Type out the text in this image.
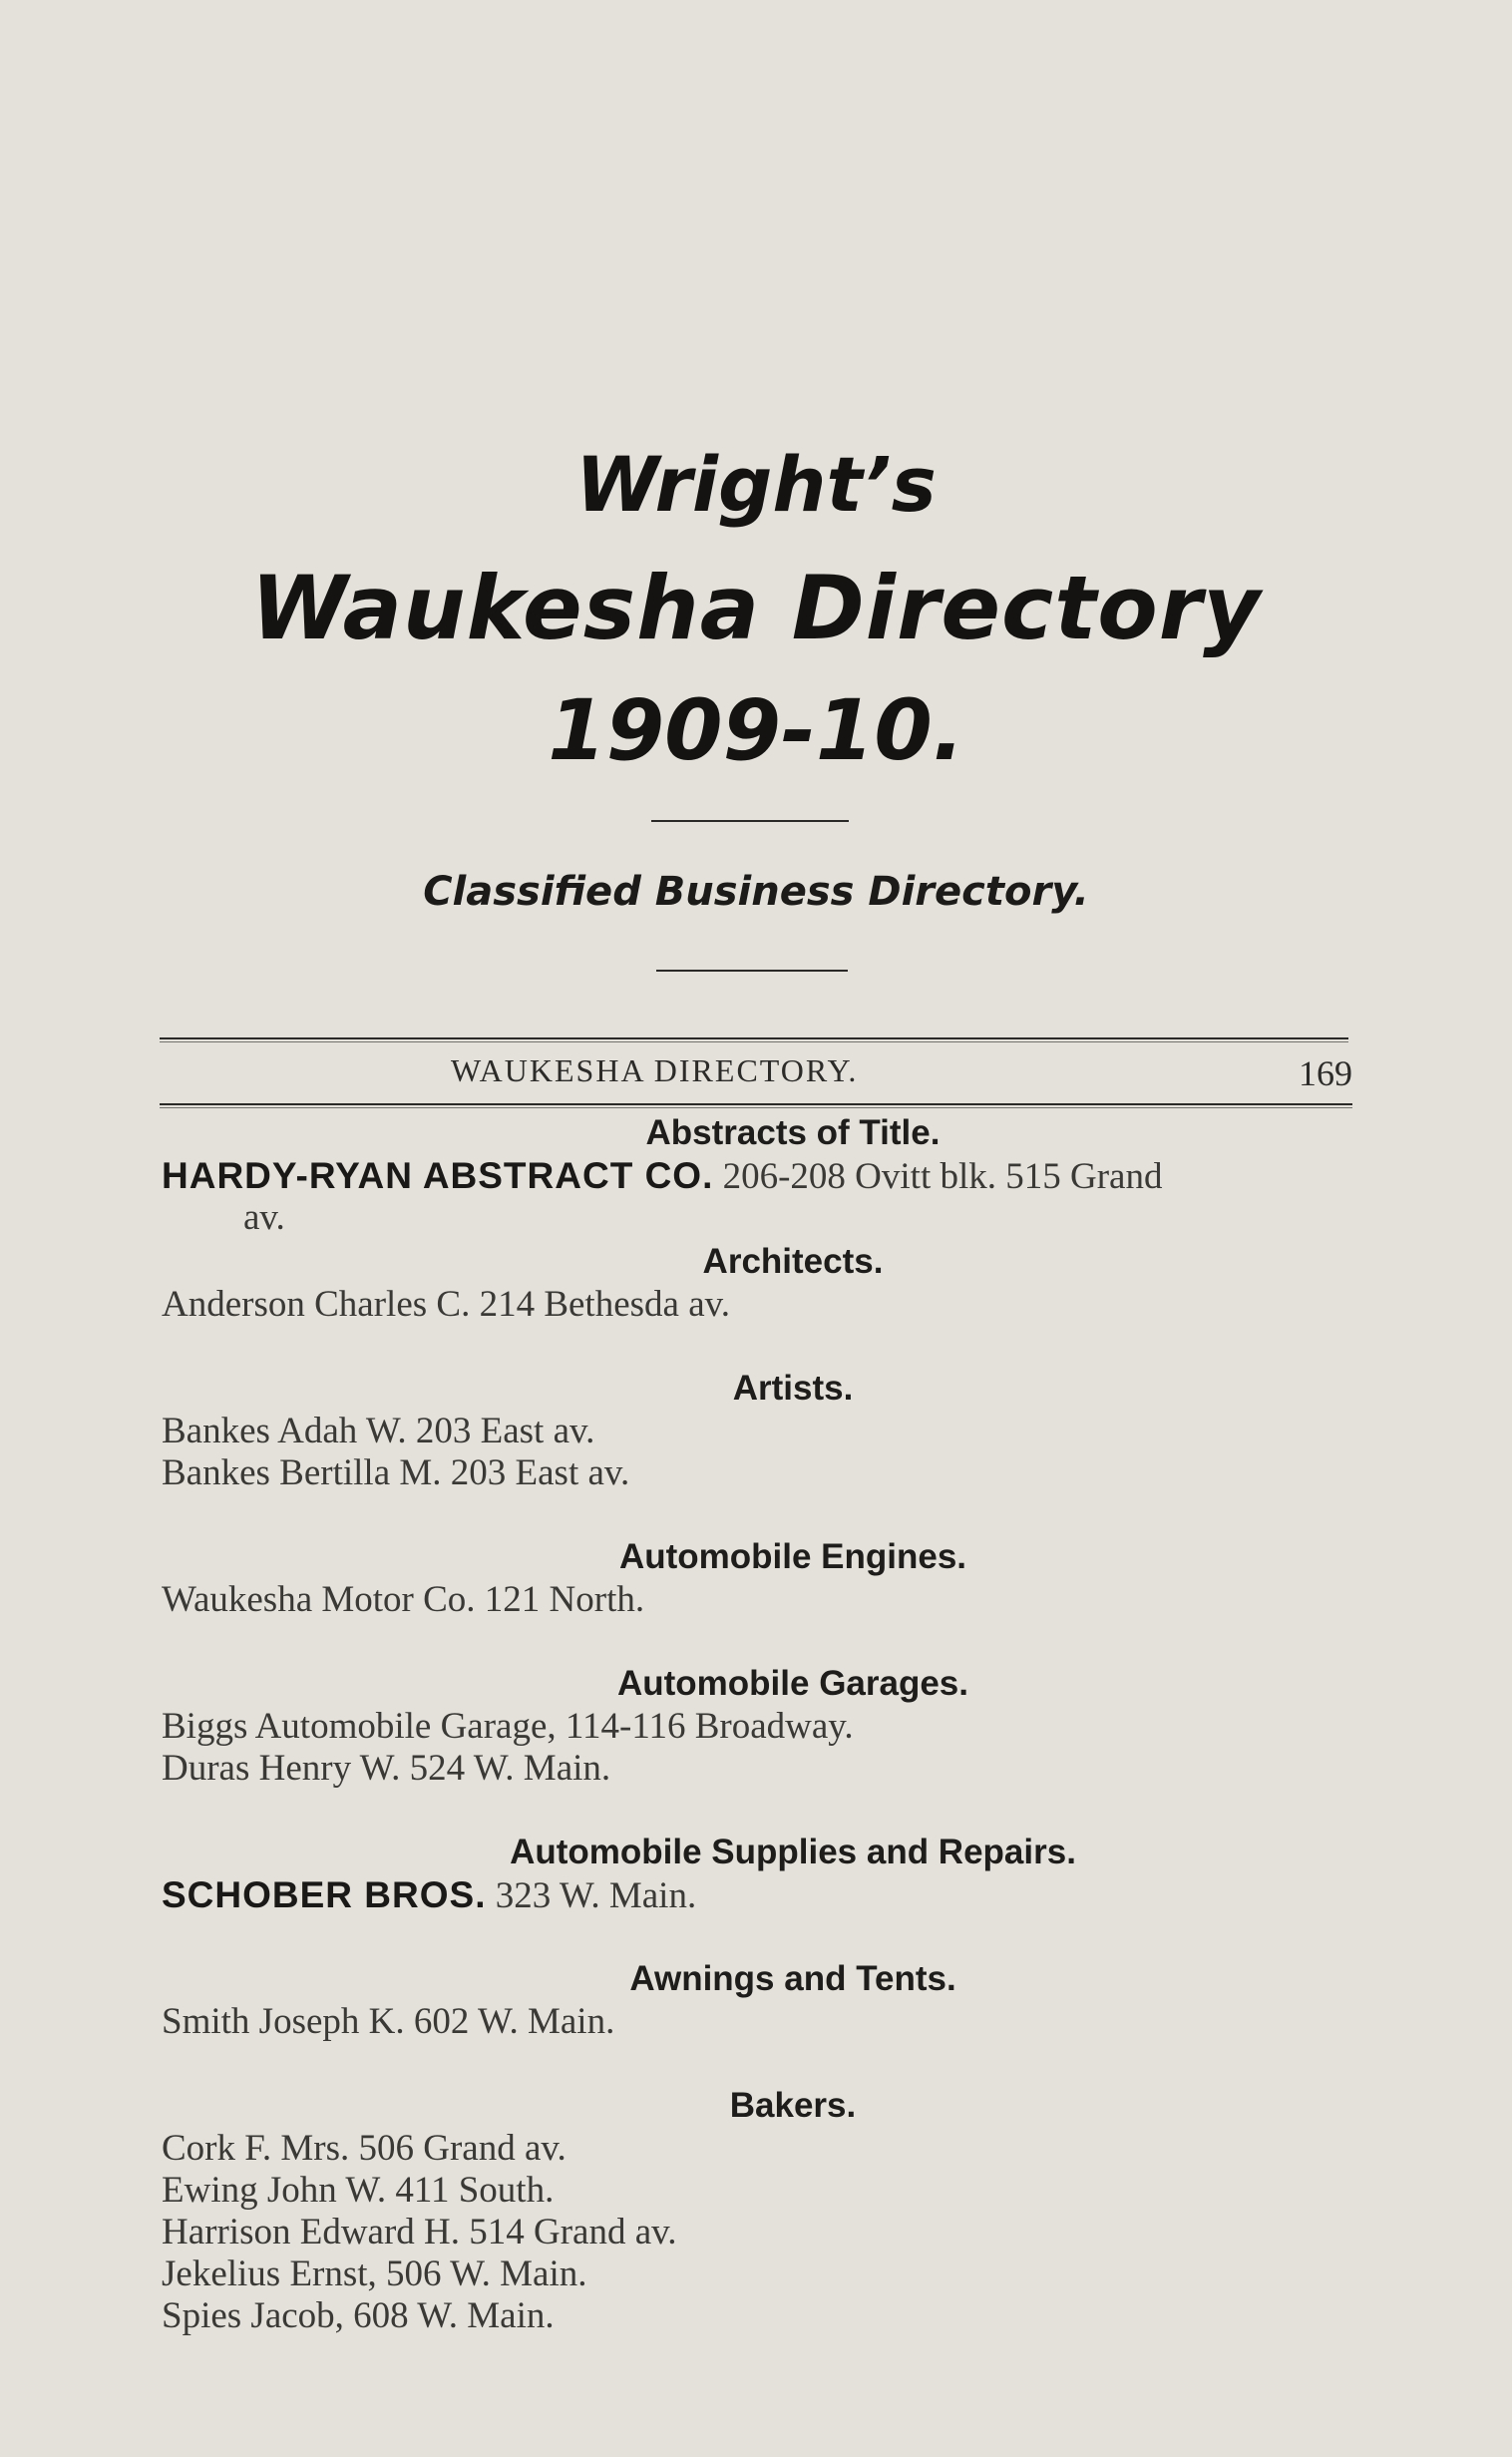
Wright’s
Waukesha Directory
1909-10.
Classified Business Directory.
WAUKESHA DIRECTORY.	169
Abstracts of Title.
HARDY-RYAN ABSTRACT CO. 206-208 Ovitt blk. 515 Grand
av.
Architects.
Anderson Charles C. 214 Bethesda av.
Artists.
Bankes Adah W. 203 East av.
Bankes Bertilla M. 203 East av.
Automobile Engines.
Waukesha Motor Co. 121 North.
Automobile Garages.
Biggs Automobile Garage, 114-116 Broadway.
Duras Henry W. 524 W. Main.
Automobile Supplies and Repairs.
SCHOBER BROS. 323 W. Main.
Awnings and Tents.
Smith Joseph K. 602 W. Main.
Bakers.
Cork F. Mrs. 506 Grand av.
Ewing John W. 411 South.
Harrison Edward H. 514 Grand av.
Jekelius Ernst, 506 W. Main.
Spies Jacob, 608 W. Main.
